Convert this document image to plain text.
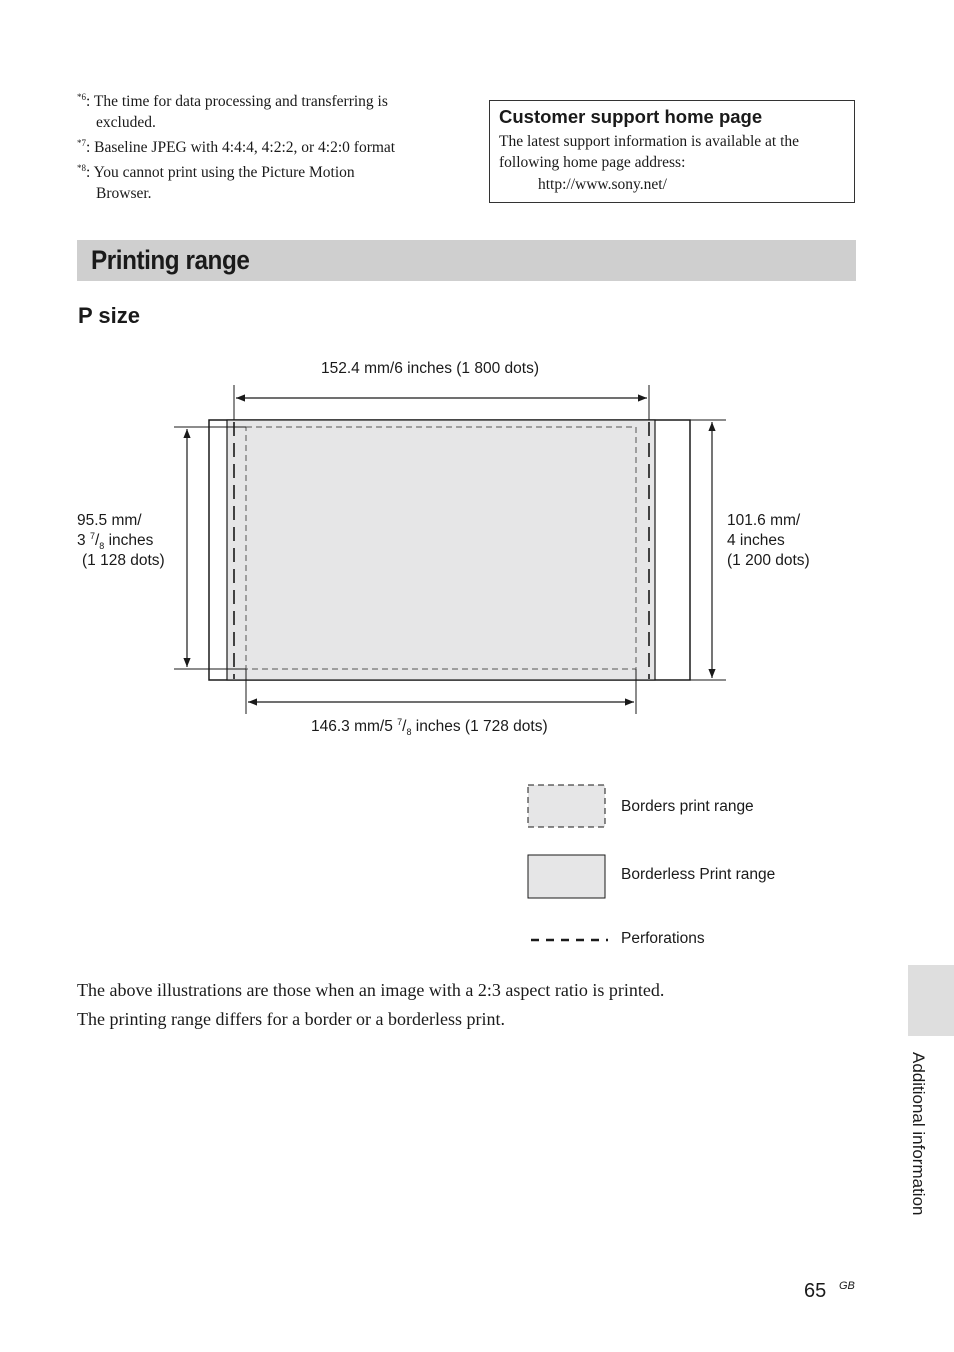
$^{*6}$: The time for data processing and transferring is
excluded.
$^{*7}$: Baseline JPEG with 4:4:4, 4:2:2, or 4:2:0 format
$^{*8}$: You cannot print using the Picture Motion
Browser.
Customer support home page

The latest support information is available at the following home page address:

http://www.sony.net/
Printing range
P size
152.4 mm/6 inches (1 800 dots)
95.5 mm/
3 $^7/_8$ inches
(1 128 dots)
101.6 mm/
4 inches
(1 200 dots)
146.3 mm/5 $^7/_8$ inches (1 728 dots)
Borders print range
Borderless Print range
Perforations
The above illustrations are those when an image with a 2:3 aspect ratio is printed.
The printing range differs for a border or a borderless print.
Additional information
65 GB
